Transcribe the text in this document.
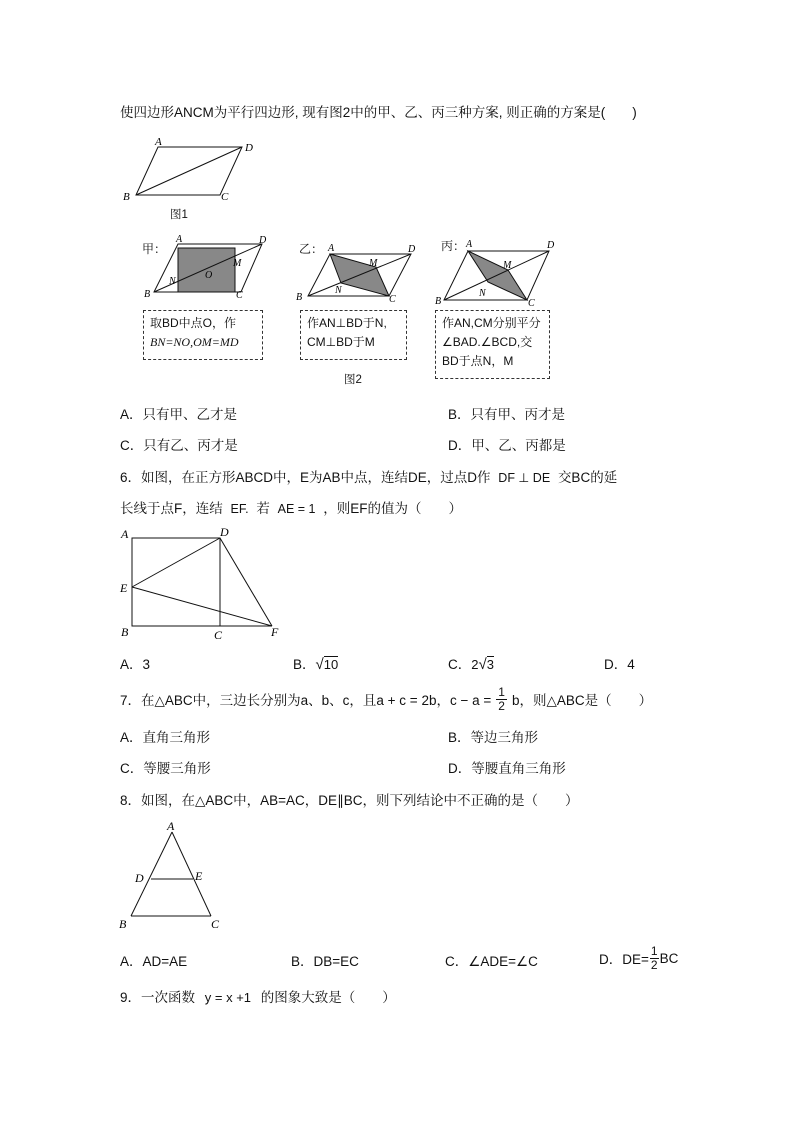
使四边形ANCM为平行四边形, 现有图2中的甲、乙、丙三种方案, 则正确的方案是(　　)
A	D
B	C
图1
甲：
A	D
B	C
O
M
N
取BD中点O，作
BN=NO,OM=MD
乙： A	D
B	C
M
N
作AN⊥BD于N,
CM⊥BD于M
图2
丙： A	D
B	C
M
N
作AN,CM分别平分
∠BAD.∠BCD,交
BD于点N，M
A．只有甲、乙才是	B．只有甲、丙才是
C．只有乙、丙才是	D．甲、乙、丙都是
6．如图，在正方形ABCD中，E为AB中点，连结DE，过点D作 DF ⊥ DE 交BC的延
长线于点F，连结 EF. 若 AE = 1 ，则EF的值为（　　）
A	D
E
B	C	F
A．3	B．√10	C．2√3	D．4
7．在△ABC中，三边长分别为a、b、c，且a + c = 2b，$c - a = \frac{1}{2}$ b，则△ABC是（　　）
A．直角三角形	B．等边三角形
C．等腰三角形	D．等腰直角三角形
8．如图，在△ABC中，AB=AC，DE∥BC，则下列结论中不正确的是（　　）
A
D	E
B	C
A．AD=AE	B．DB=EC	C．∠ADE=∠C	D．$DE= \frac{1}{2}$ BC
9．一次函数 y = x +1 的图象大致是（　　）
